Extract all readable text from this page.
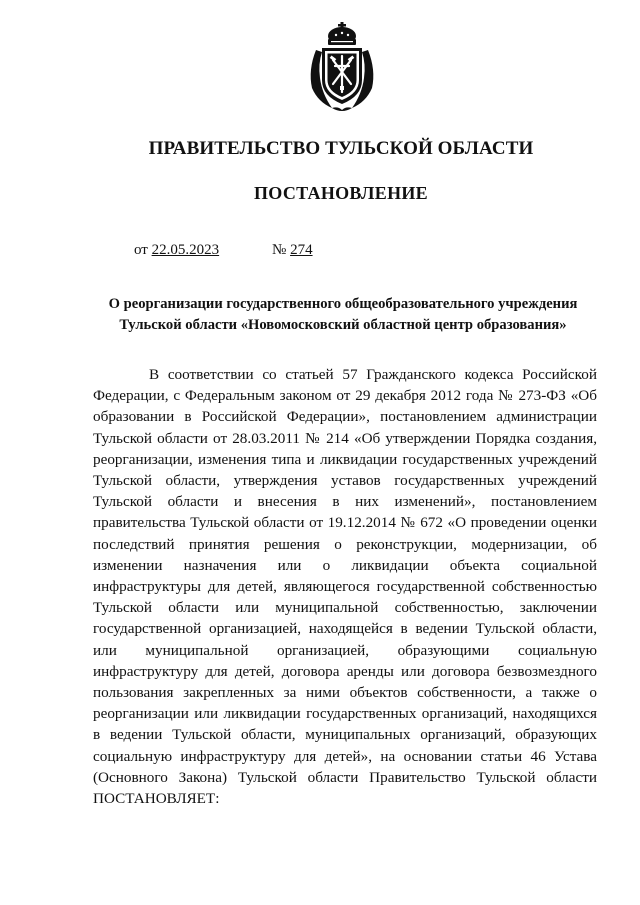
ПРАВИТЕЛЬСТВО ТУЛЬСКОЙ ОБЛАСТИ
ПОСТАНОВЛЕНИЕ
от 22.05.2023	№ 274
О реорганизации государственного общеобразовательного учреждения Тульской области «Новомосковский областной центр образования»

В соответствии со статьей 57 Гражданского кодекса Российской Федерации, с Федеральным законом от 29 декабря 2012 года № 273-ФЗ «Об образовании в Российской Федерации», постановлением администрации Тульской области от 28.03.2011 № 214 «Об утверждении Порядка создания, реорганизации, изменения типа и ликвидации государственных учреждений Тульской области, утверждения уставов государственных учреждений Тульской области и внесения в них изменений», постановлением правительства Тульской области от 19.12.2014 № 672 «О проведении оценки последствий принятия решения о реконструкции, модернизации, об изменении назначения или о ликвидации объекта социальной инфраструктуры для детей, являющегося государственной собственностью Тульской области или муниципальной собственностью, заключении государственной организацией, находящейся в ведении Тульской области, или муниципальной организацией, образующими социальную инфраструктуру для детей, договора аренды или договора безвозмездного пользования закрепленных за ними объектов собственности, а также о реорганизации или ликвидации государственных организаций, находящихся в ведении Тульской области, муниципальных организаций, образующих социальную инфраструктуру для детей», на основании статьи 46 Устава (Основного Закона) Тульской области Правительство Тульской области ПОСТАНОВЛЯЕТ:
